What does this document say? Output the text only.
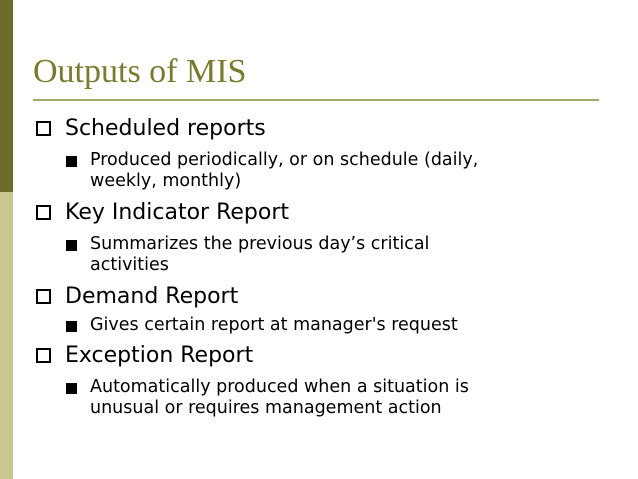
Outputs of MIS
Scheduled reports
Produced periodically, or on schedule (daily,
weekly, monthly)
Key Indicator Report
Summarizes the previous day’s critical
activities
Demand Report
Gives certain report at manager's request
Exception Report
Automatically produced when a situation is
unusual or requires management action
